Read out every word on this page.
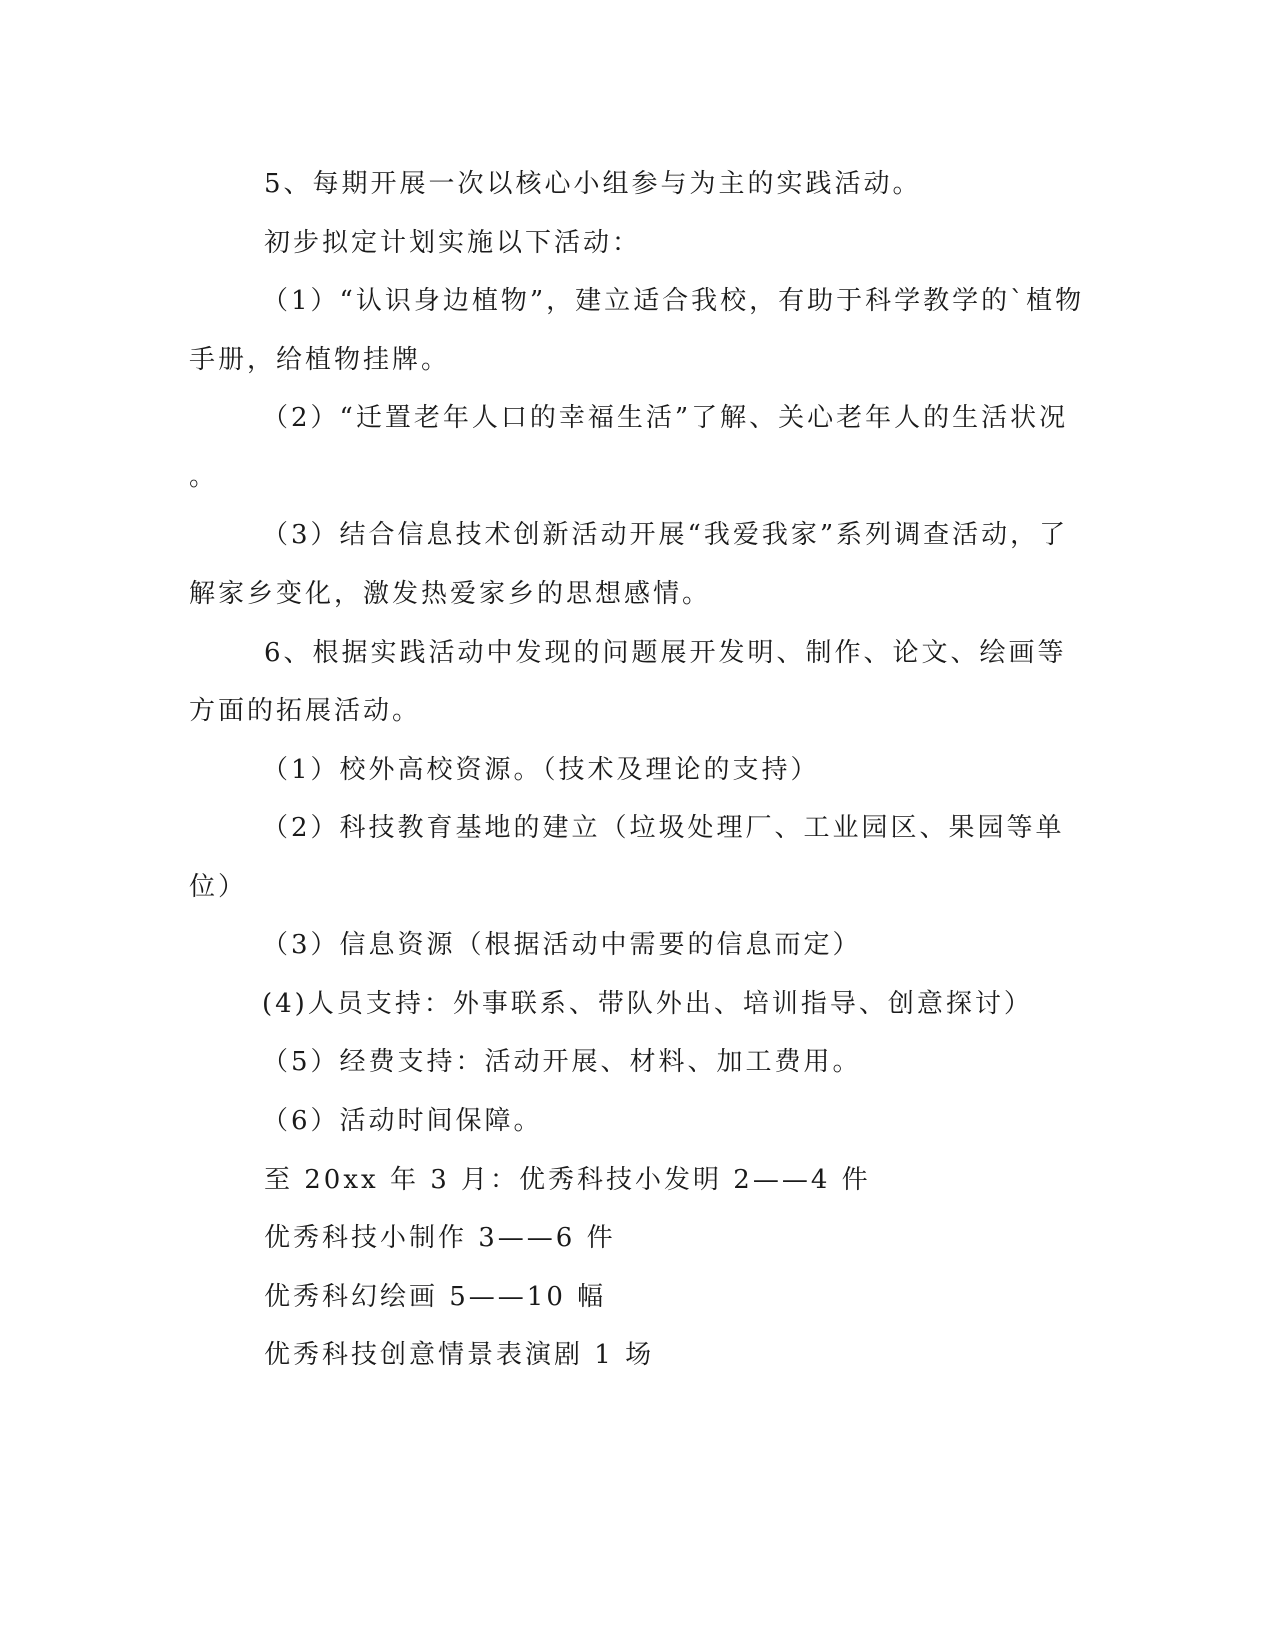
5、每期开展一次以核心小组参与为主的实践活动。
初步拟定计划实施以下活动：
（1）“认识身边植物”，建立适合我校，有助于科学教学的`植物
手册，给植物挂牌。
（2）“迁置老年人口的幸福生活”了解、关心老年人的生活状况
。
（3）结合信息技术创新活动开展“我爱我家”系列调查活动，了
解家乡变化，激发热爱家乡的思想感情。
6、根据实践活动中发现的问题展开发明、制作、论文、绘画等
方面的拓展活动。
（1）校外高校资源。（技术及理论的支持）
（2）科技教育基地的建立（垃圾处理厂、工业园区、果园等单
位）
（3）信息资源（根据活动中需要的信息而定）
(4)人员支持：外事联系、带队外出、培训指导、创意探讨）
（5）经费支持：活动开展、材料、加工费用。
（6）活动时间保障。
至 20xx 年 3 月：优秀科技小发明 2——4 件
优秀科技小制作 3——6 件
优秀科幻绘画 5——10 幅
优秀科技创意情景表演剧 1 场
